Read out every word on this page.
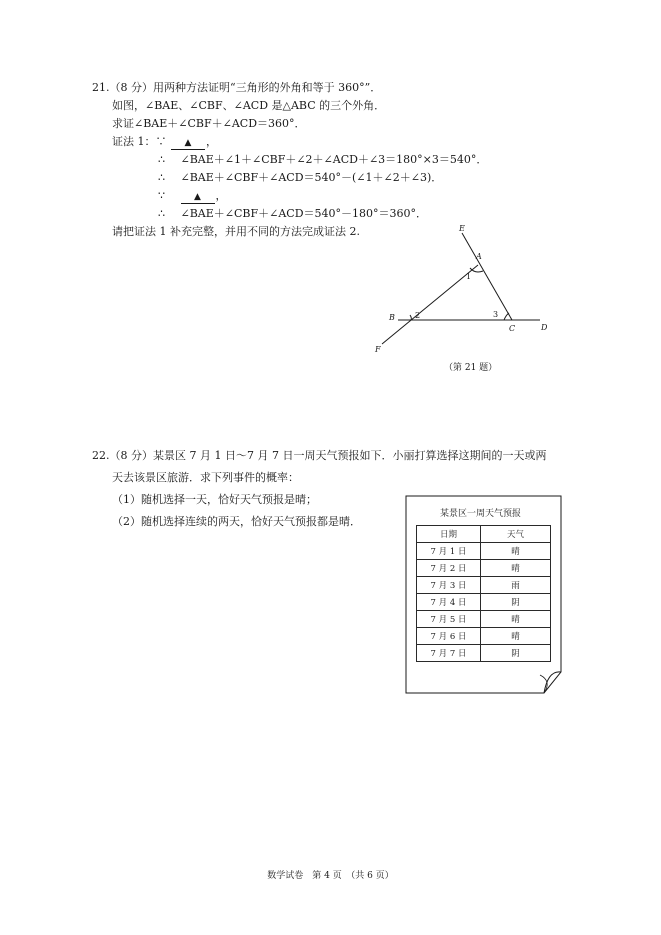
21.（8 分）用两种方法证明“三角形的外角和等于 360°”．
如图，∠BAE、∠CBF、∠ACD 是△ABC 的三个外角．
求证∠BAE＋∠CBF＋∠ACD＝360°．
证法 1：∵ ▲ ，
∴ ∠BAE＋∠1＋∠CBF＋∠2＋∠ACD＋∠3＝180°×3＝540°．
∴ ∠BAE＋∠CBF＋∠ACD＝540°－(∠1＋∠2＋∠3)．
∵	▲ ，
∴ ∠BAE＋∠CBF＋∠ACD＝540°－180°＝360°．
请把证法 1 补充完整，并用不同的方法完成证法 2.	E
A
B
C	D
F
1
2	3
（第 21 题）
22.（8 分）某景区 7 月 1 日～7 月 7 日一周天气预报如下．小丽打算选择这期间的一天或两
天去该景区旅游．求下列事件的概率：
（1）随机选择一天，恰好天气预报是晴；
（2）随机选择连续的两天，恰好天气预报都是晴．
某景区一周天气预报
日期	天气
7 月 1 日	晴
7 月 2 日	晴
7 月 3 日	雨
7 月 4 日	阴
7 月 5 日	晴
7 月 6 日	晴
7 月 7 日	阴
数学试卷　第 4 页　（共 6 页）
